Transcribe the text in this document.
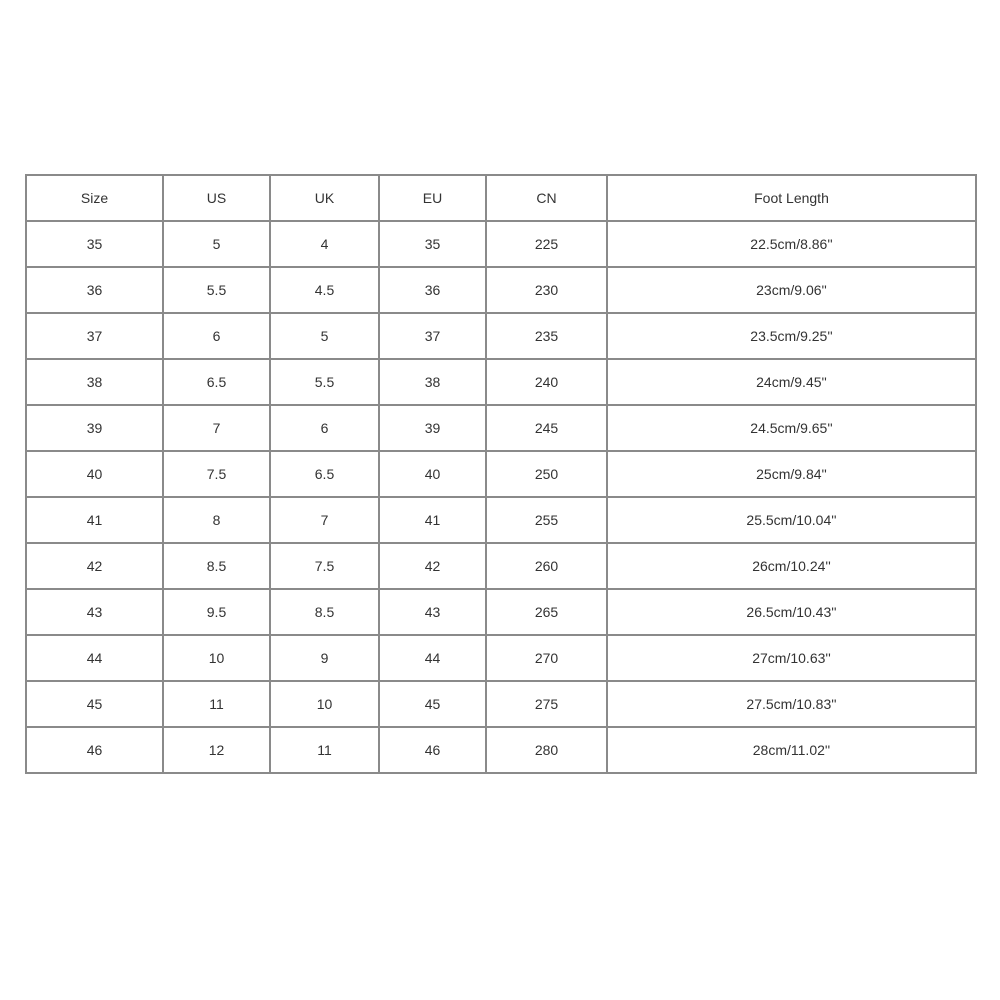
Size	US	UK	EU	CN	Foot Length
35	5	4	35	225	22.5cm/8.86''
36	5.5	4.5	36	230	23cm/9.06''
37	6	5	37	235	23.5cm/9.25''
38	6.5	5.5	38	240	24cm/9.45''
39	7	6	39	245	24.5cm/9.65''
40	7.5	6.5	40	250	25cm/9.84''
41	8	7	41	255	25.5cm/10.04''
42	8.5	7.5	42	260	26cm/10.24''
43	9.5	8.5	43	265	26.5cm/10.43''
44	10	9	44	270	27cm/10.63''
45	11	10	45	275	27.5cm/10.83''
46	12	11	46	280	28cm/11.02''
